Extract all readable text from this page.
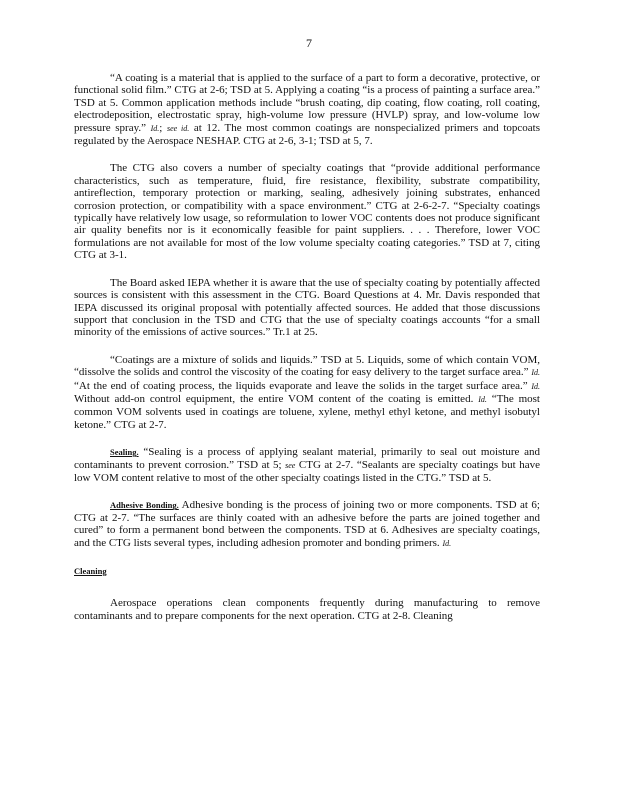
7

“A coating is a material that is applied to the surface of a part to form a decorative, protective, or functional solid film.” CTG at 2-6; TSD at 5. Applying a coating “is a process of painting a surface area.” TSD at 5. Common application methods include “brush coating, dip coating, flow coating, roll coating, electrodeposition, electrostatic spray, high-volume low pressure (HVLP) spray, and low-volume low pressure spray.” Id.; see id. at 12. The most common coatings are nonspecialized primers and topcoats regulated by the Aerospace NESHAP. CTG at 2-6, 3-1; TSD at 5, 7.

The CTG also covers a number of specialty coatings that “provide additional performance characteristics, such as temperature, fluid, fire resistance, flexibility, substrate compatibility, antireflection, temporary protection or marking, sealing, adhesively joining substrates, enhanced corrosion protection, or compatibility with a space environment.” CTG at 2-6-2-7. “Specialty coatings typically have relatively low usage, so reformulation to lower VOC contents does not produce significant air quality benefits nor is it economically feasible for paint suppliers. . . . Therefore, lower VOC formulations are not available for most of the low volume specialty coating categories.” TSD at 7, citing CTG at 3-1.

The Board asked IEPA whether it is aware that the use of specialty coating by potentially affected sources is consistent with this assessment in the CTG. Board Questions at 4. Mr. Davis responded that IEPA discussed its original proposal with potentially affected sources. He added that those discussions support that conclusion in the TSD and CTG that the use of specialty coatings accounts “for a small minority of the emissions of active sources.” Tr.1 at 25.

“Coatings are a mixture of solids and liquids.” TSD at 5. Liquids, some of which contain VOM, “dissolve the solids and control the viscosity of the coating for easy delivery to the target surface area.” Id. “At the end of coating process, the liquids evaporate and leave the solids in the target surface area.” Id. Without add-on control equipment, the entire VOM content of the coating is emitted. Id. “The most common VOM solvents used in coatings are toluene, xylene, methyl ethyl ketone, and methyl isobutyl ketone.” CTG at 2-7.

Sealing. “Sealing is a process of applying sealant material, primarily to seal out moisture and contaminants to prevent corrosion.” TSD at 5; see CTG at 2-7. “Sealants are specialty coatings but have low VOM content relative to most of the other specialty coatings listed in the CTG.” TSD at 5.

Adhesive Bonding. Adhesive bonding is the process of joining two or more components. TSD at 6; CTG at 2-7. “The surfaces are thinly coated with an adhesive before the parts are joined together and cured” to form a permanent bond between the components. TSD at 6. Adhesives are specialty coatings, and the CTG lists several types, including adhesion promoter and bonding primers. Id.

Cleaning

Aerospace operations clean components frequently during manufacturing to remove contaminants and to prepare components for the next operation. CTG at 2-8. Cleaning
